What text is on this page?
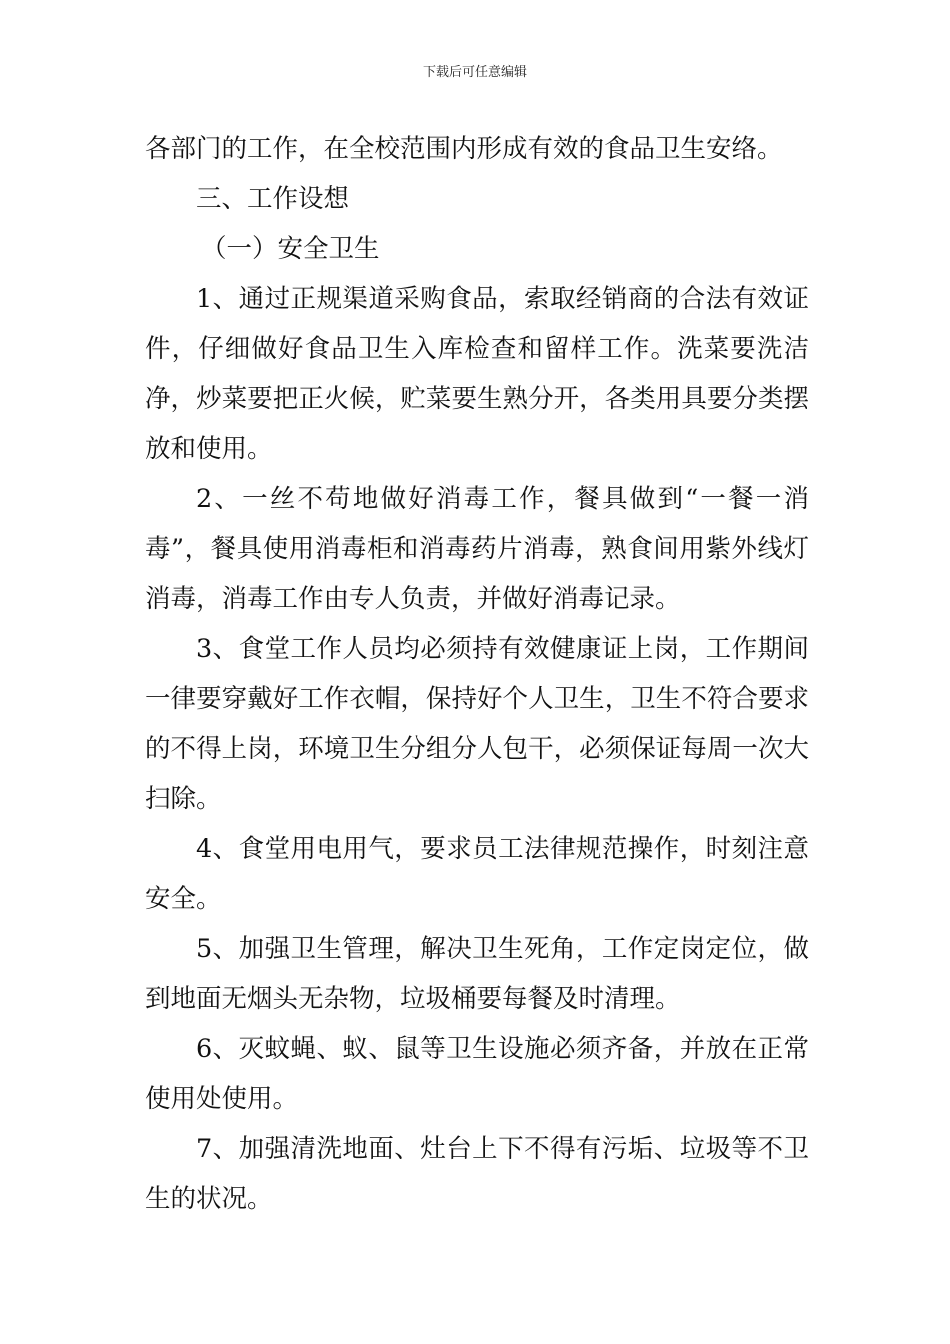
下载后可任意编辑

各部门的工作，在全校范围内形成有效的食品卫生安络。

三、工作设想

（一）安全卫生

1、通过正规渠道采购食品，索取经销商的合法有效证件，仔细做好食品卫生入库检查和留样工作。洗菜要洗洁净，炒菜要把正火候，贮菜要生熟分开，各类用具要分类摆放和使用。

2、一丝不苟地做好消毒工作，餐具做到“一餐一消毒”，餐具使用消毒柜和消毒药片消毒，熟食间用紫外线灯消毒，消毒工作由专人负责，并做好消毒记录。

3、食堂工作人员均必须持有效健康证上岗，工作期间一律要穿戴好工作衣帽，保持好个人卫生，卫生不符合要求的不得上岗，环境卫生分组分人包干，必须保证每周一次大扫除。

4、食堂用电用气，要求员工法律规范操作，时刻注意安全。

5、加强卫生管理，解决卫生死角，工作定岗定位，做到地面无烟头无杂物，垃圾桶要每餐及时清理。

6、灭蚊蝇、蚁、鼠等卫生设施必须齐备，并放在正常使用处使用。

7、加强清洗地面、灶台上下不得有污垢、垃圾等不卫生的状况。
